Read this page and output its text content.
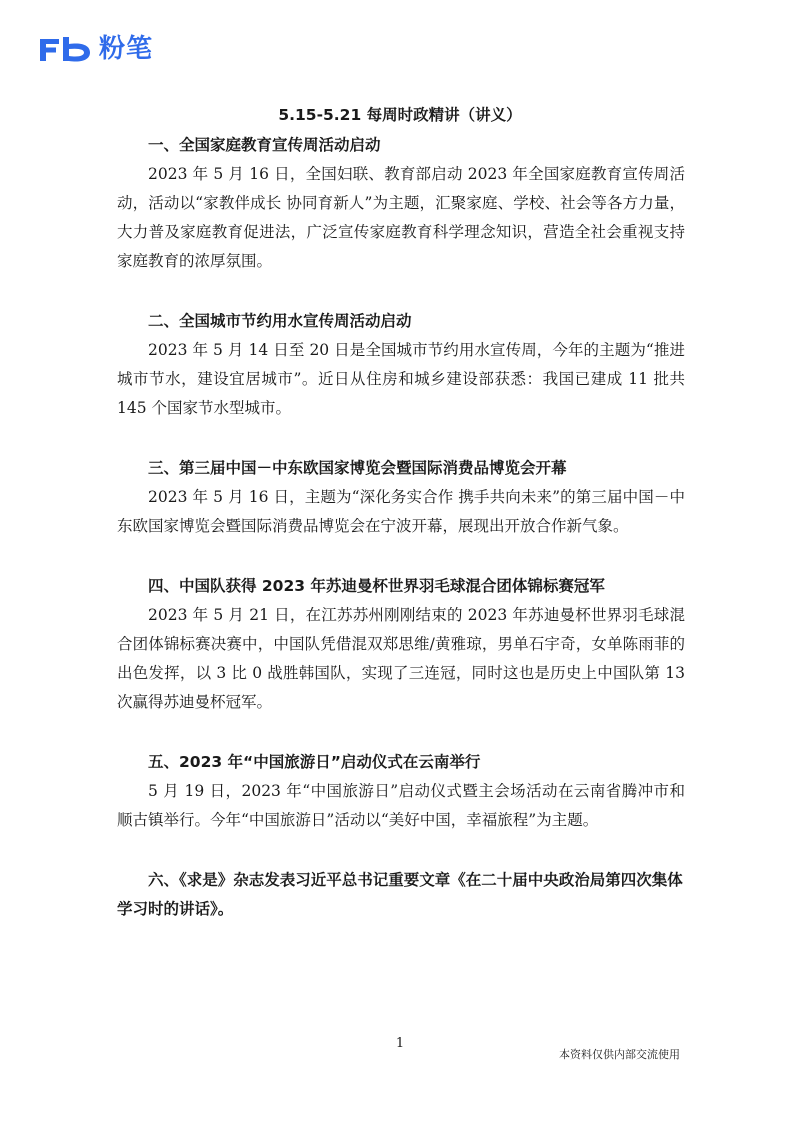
粉笔
5.15-5.21 每周时政精讲（讲义）

一、全国家庭教育宣传周活动启动

2023 年 5 月 16 日，全国妇联、教育部启动 2023 年全国家庭教育宣传周活动，活动以“家教伴成长 协同育新人”为主题，汇聚家庭、学校、社会等各方力量，大力普及家庭教育促进法，广泛宣传家庭教育科学理念知识，营造全社会重视支持家庭教育的浓厚氛围。

二、全国城市节约用水宣传周活动启动

2023 年 5 月 14 日至 20 日是全国城市节约用水宣传周，今年的主题为“推进城市节水，建设宜居城市”。近日从住房和城乡建设部获悉：我国已建成 11 批共 145 个国家节水型城市。

三、第三届中国－中东欧国家博览会暨国际消费品博览会开幕

2023 年 5 月 16 日，主题为“深化务实合作 携手共向未来”的第三届中国－中东欧国家博览会暨国际消费品博览会在宁波开幕，展现出开放合作新气象。

四、中国队获得 2023 年苏迪曼杯世界羽毛球混合团体锦标赛冠军

2023 年 5 月 21 日，在江苏苏州刚刚结束的 2023 年苏迪曼杯世界羽毛球混合团体锦标赛决赛中，中国队凭借混双郑思维/黄雅琼，男单石宇奇，女单陈雨菲的出色发挥，以 3 比 0 战胜韩国队，实现了三连冠，同时这也是历史上中国队第 13 次赢得苏迪曼杯冠军。

五、2023 年“中国旅游日”启动仪式在云南举行

5 月 19 日，2023 年“中国旅游日”启动仪式暨主会场活动在云南省腾冲市和顺古镇举行。今年“中国旅游日”活动以“美好中国，幸福旅程”为主题。

六、《求是》杂志发表习近平总书记重要文章《在二十届中央政治局第四次集体学习时的讲话》。

1
本资料仅供内部交流使用
